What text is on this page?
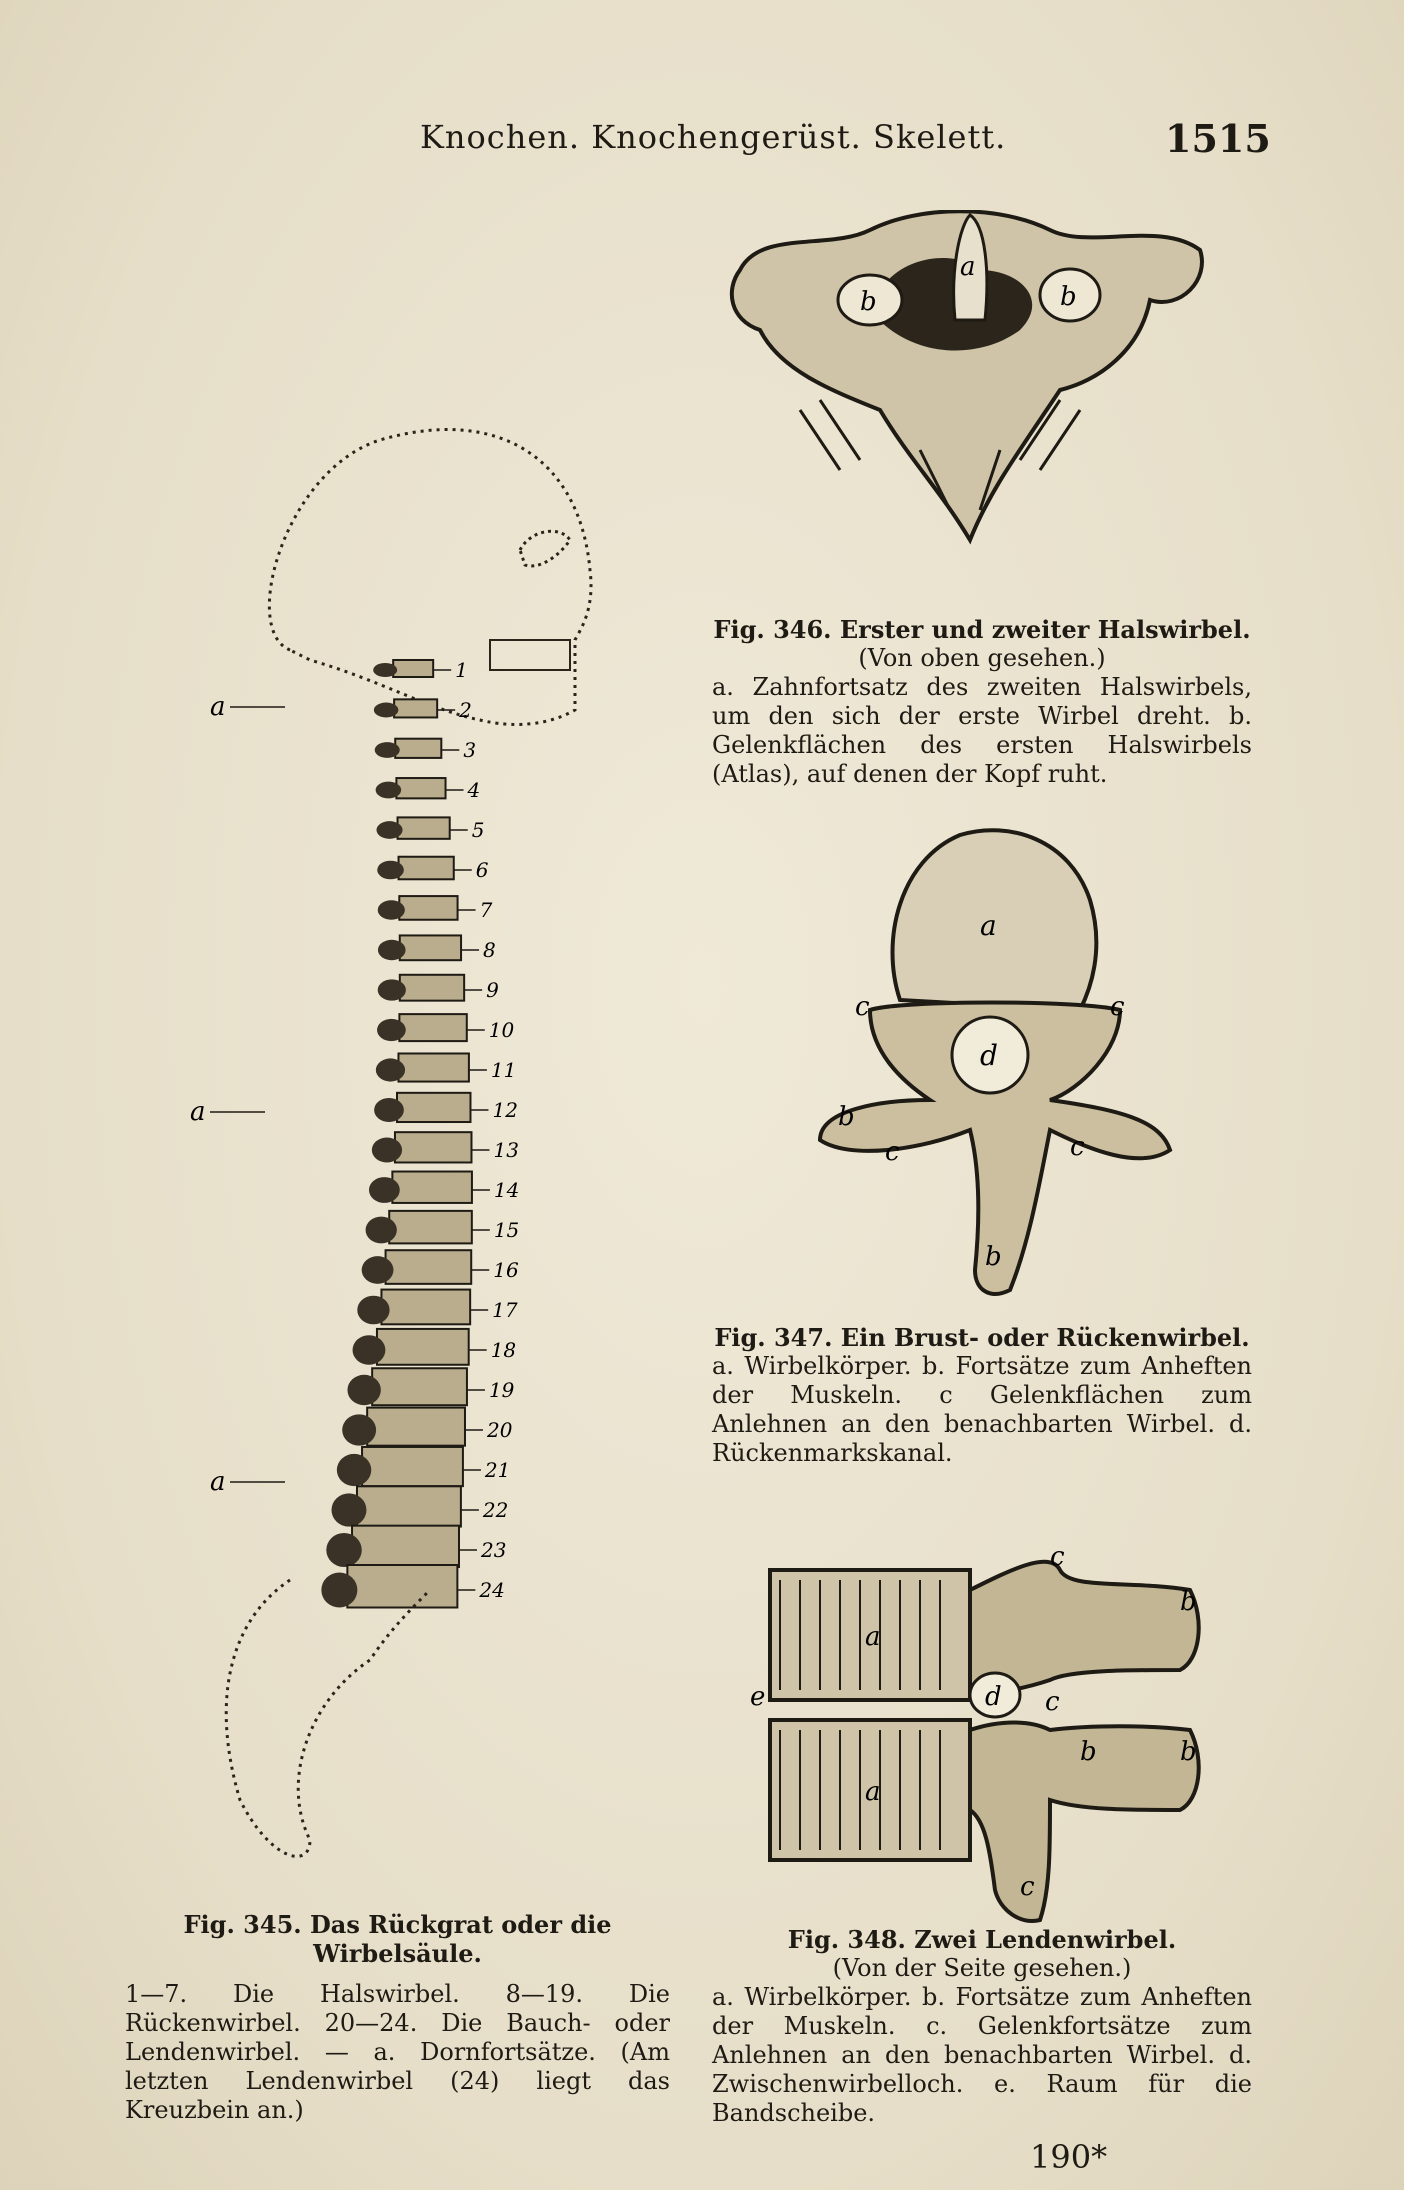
Knochen. Knochengerüst. Skelett.	1515
1
2
3
4
5
6
7
8
9
10
11
12
13
14
15
16
17
18
19
20
21
22
23
24
a
a
a
Fig. 345. Das Rückgrat oder die Wirbelsäule.
1—7. Die Halswirbel. 8—19. Die Rückenwirbel. 20—24. Die Bauch- oder Lendenwirbel. — a. Dornfortsätze. (Am letzten Lendenwirbel (24) liegt das Kreuzbein an.)
a
b	b
Fig. 346. Erster und zweiter Halswirbel.
(Von oben gesehen.)
a. Zahnfortsatz des zweiten Halswirbels, um den sich der erste Wirbel dreht. b. Gelenkflächen des ersten Halswirbels (Atlas), auf denen der Kopf ruht.
a
d
c	c
b
c	c
b
Fig. 347. Ein Brust- oder Rückenwirbel.
a. Wirbelkörper. b. Fortsätze zum Anheften der Muskeln. c Gelenkflächen zum Anlehnen an den benachbarten Wirbel. d. Rückenmarkskanal.
c
b
a
e	d c
b	b
a
c
Fig. 348. Zwei Lendenwirbel.
(Von der Seite gesehen.)
a. Wirbelkörper. b. Fortsätze zum Anheften der Muskeln. c. Gelenkfortsätze zum Anlehnen an den benachbarten Wirbel. d. Zwischenwirbelloch. e. Raum für die Bandscheibe.
190*
